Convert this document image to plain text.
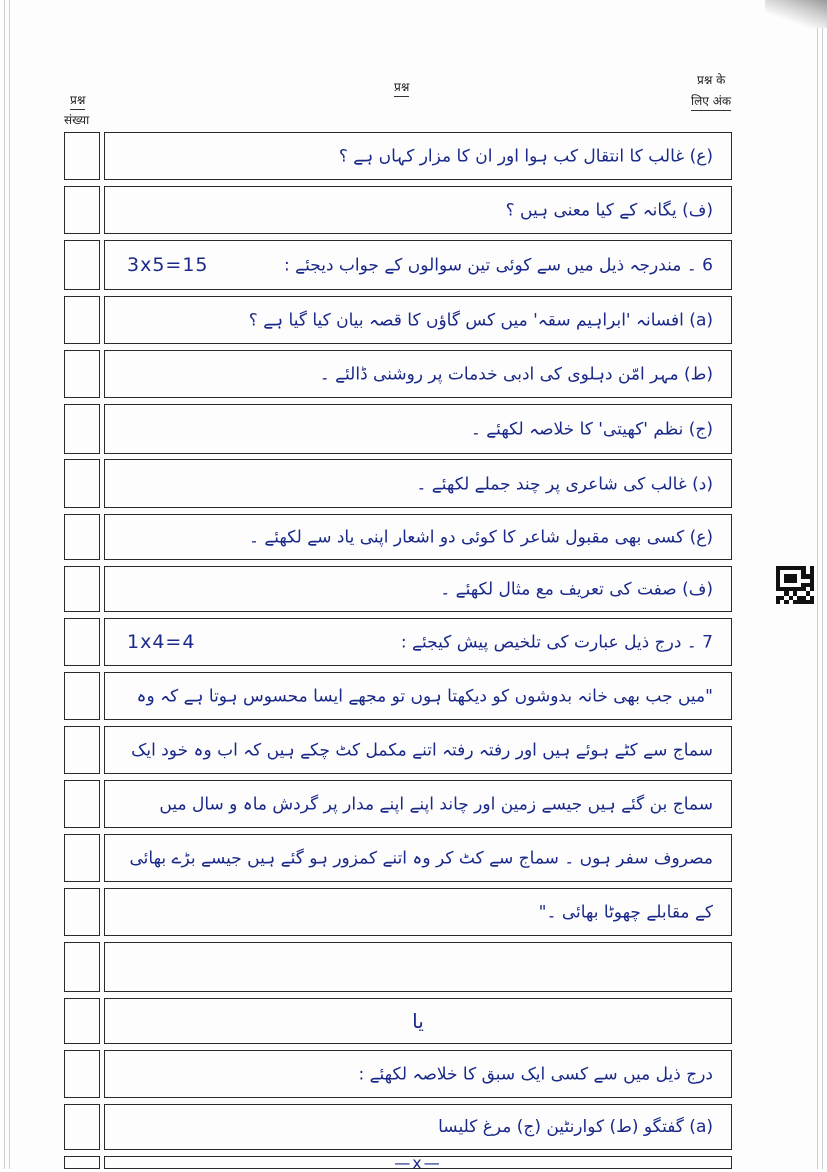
प्रश्न
प्रश्न
संख्या
प्रश्न के
लिए अंक
(ع) غالب کا انتقال کب ہوا اور ان کا مزار کہاں ہے ؟
(ف) یگانہ کے کیا معنی ہیں ؟
6 ۔ مندرجہ ذیل میں سے کوئی تین سوالوں کے جواب دیجئے :
3x5=15
(a) افسانہ 'ابراہیم سقہ' میں کس گاؤں کا قصہ بیان کیا گیا ہے ؟
(ط) مہر امّن دہلوی کی ادبی خدمات پر روشنی ڈالئے ۔
(ج) نظم 'کھیتی' کا خلاصہ لکھئے ۔
(د) غالب کی شاعری پر چند جملے لکھئے ۔
(ع) کسی بھی مقبول شاعر کا کوئی دو اشعار اپنی یاد سے لکھئے ۔
(ف) صفت کی تعریف مع مثال لکھئے ۔
7 ۔ درج ذیل عبارت کی تلخیص پیش کیجئے :
1x4=4
"میں جب بھی خانہ بدوشوں کو دیکھتا ہوں تو مجھے ایسا محسوس ہوتا ہے کہ وہ
سماج سے کٹے ہوئے ہیں اور رفتہ رفتہ اتنے مکمل کٹ چکے ہیں کہ اب وہ خود ایک
سماج بن گئے ہیں جیسے زمین اور چاند اپنے اپنے مدار پر گردش ماہ و سال میں
مصروف سفر ہوں ۔ سماج سے کٹ کر وہ اتنے کمزور ہو گئے ہیں جیسے بڑے بھائی
کے مقابلے چھوٹا بھائی ۔"
یا
درج ذیل میں سے کسی ایک سبق کا خلاصہ لکھئے :
(a) گفتگو (ط) کوارنٹین (ج) مرغ کلیسا
—x—
